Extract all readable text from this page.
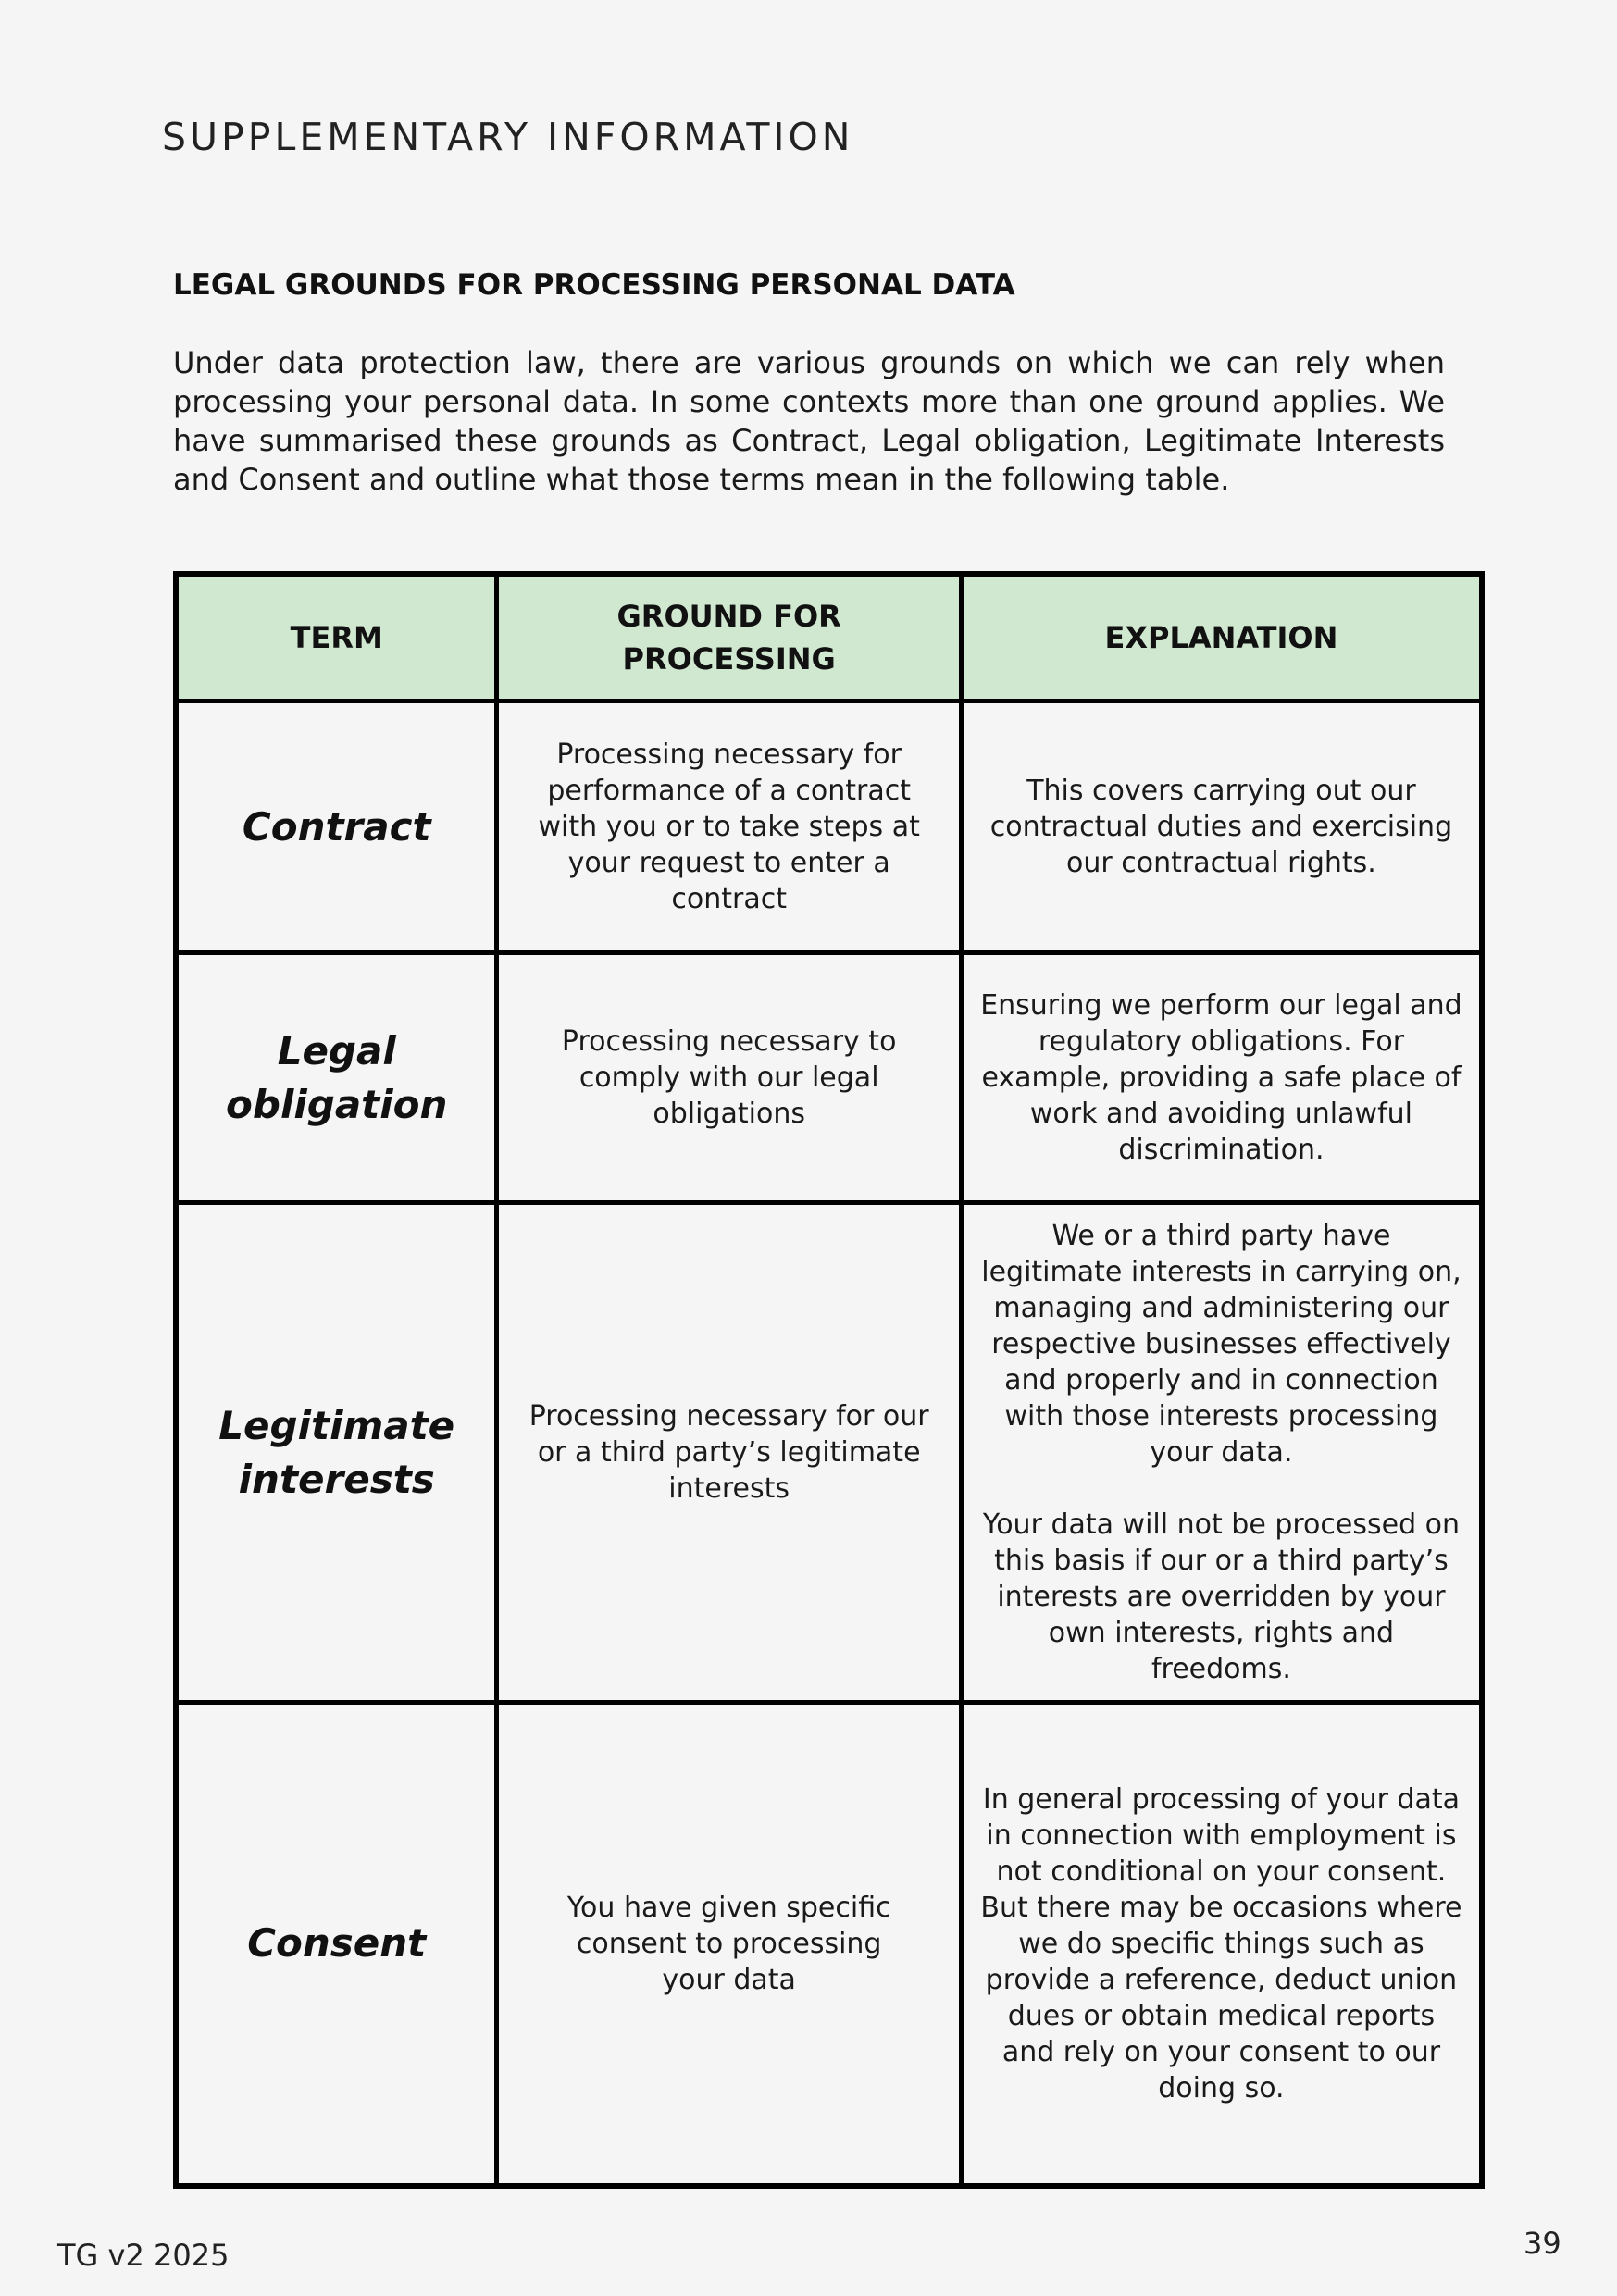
SUPPLEMENTARY INFORMATION
LEGAL GROUNDS FOR PROCESSING PERSONAL DATA

Under data protection law, there are various grounds on which we can rely when processing your personal data. In some contexts more than one ground applies. We have summarised these grounds as Contract, Legal obligation, Legitimate Interests and Consent and outline what those terms mean in the following table.

TERM	GROUND FOR PROCESSING	EXPLANATION
Contract	Processing necessary for performance of a contract with you or to take steps at your request to enter a contract	This covers carrying out our contractual duties and exercising our contractual rights.
Legal obligation	Processing necessary to comply with our legal obligations	Ensuring we perform our legal and regulatory obligations. For example, providing a safe place of work and avoiding unlawful discrimination.
Legitimate interests	Processing necessary for our or a third party’s legitimate interests	We or a third party have legitimate interests in carrying on, managing and administering our respective businesses effectively and properly and in connection with those interests processing your data.
Your data will not be processed on this basis if our or a third party’s interests are overridden by your own interests, rights and freedoms.
Consent	You have given specific consent to processing your data	In general processing of your data in connection with employment is not conditional on your consent. But there may be occasions where we do specific things such as provide a reference, deduct union dues or obtain medical reports and rely on your consent to our doing so.
TG v2 2025	39
